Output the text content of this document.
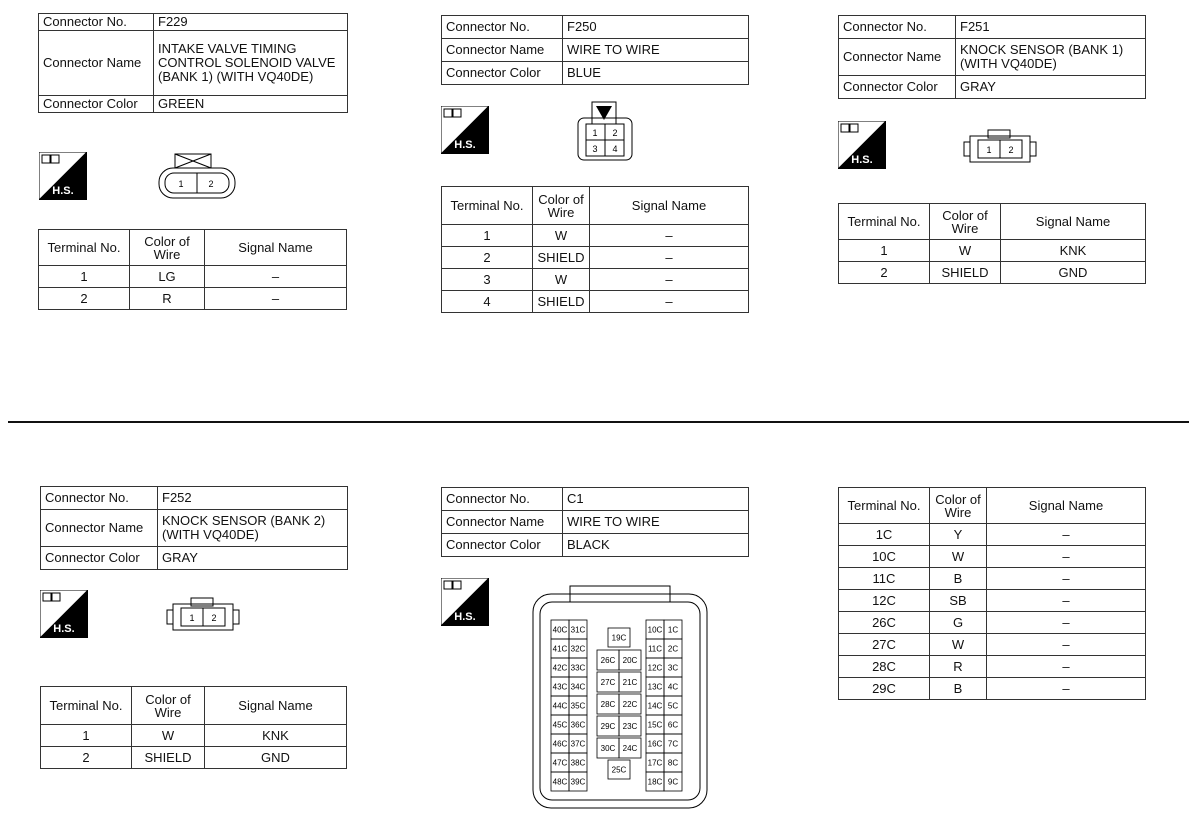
Connector No.	F229
Connector Name	INTAKE VALVE TIMING CONTROL SOLENOID VALVE (BANK 1) (WITH VQ40DE)
Connector Color	GREEN
H.S.
1	2
Terminal No.	Color of Wire	Signal Name
1	LG	–
2	R	–
Connector No.	F250
Connector Name	WIRE TO WIRE
Connector Color	BLUE
H.S.
1 2
3 4
Terminal No.	Color of Wire	Signal Name
1	W	–
2	SHIELD	–
3	W	–
4	SHIELD	–
Connector No.	F251
Connector Name	KNOCK SENSOR (BANK 1) (WITH VQ40DE)
Connector Color	GRAY
H.S.
1 2
Terminal No.	Color of Wire	Signal Name
1	W	KNK
2	SHIELD	GND
Connector No.	F252
Connector Name	KNOCK SENSOR (BANK 2) (WITH VQ40DE)
Connector Color	GRAY
H.S.
1 2
Terminal No.	Color of Wire	Signal Name
1	W	KNK
2	SHIELD	GND
Connector No.	C1
Connector Name	WIRE TO WIRE
Connector Color	BLACK
H.S.
40C 31C
41C 32C
42C 33C
43C 34C
44C 35C
45C 36C
46C 37C
47C 38C
48C 39C
19C
26C 20C
27C 21C
28C 22C
29C 23C
30C 24C
25C
10C 1C
11C 2C
12C 3C
13C 4C
14C 5C
15C 6C
16C 7C
17C 8C
18C 9C
Terminal No.	Color of Wire	Signal Name
1C	Y	–
10C	W	–
11C	B	–
12C	SB	–
26C	G	–
27C	W	–
28C	R	–
29C	B	–
